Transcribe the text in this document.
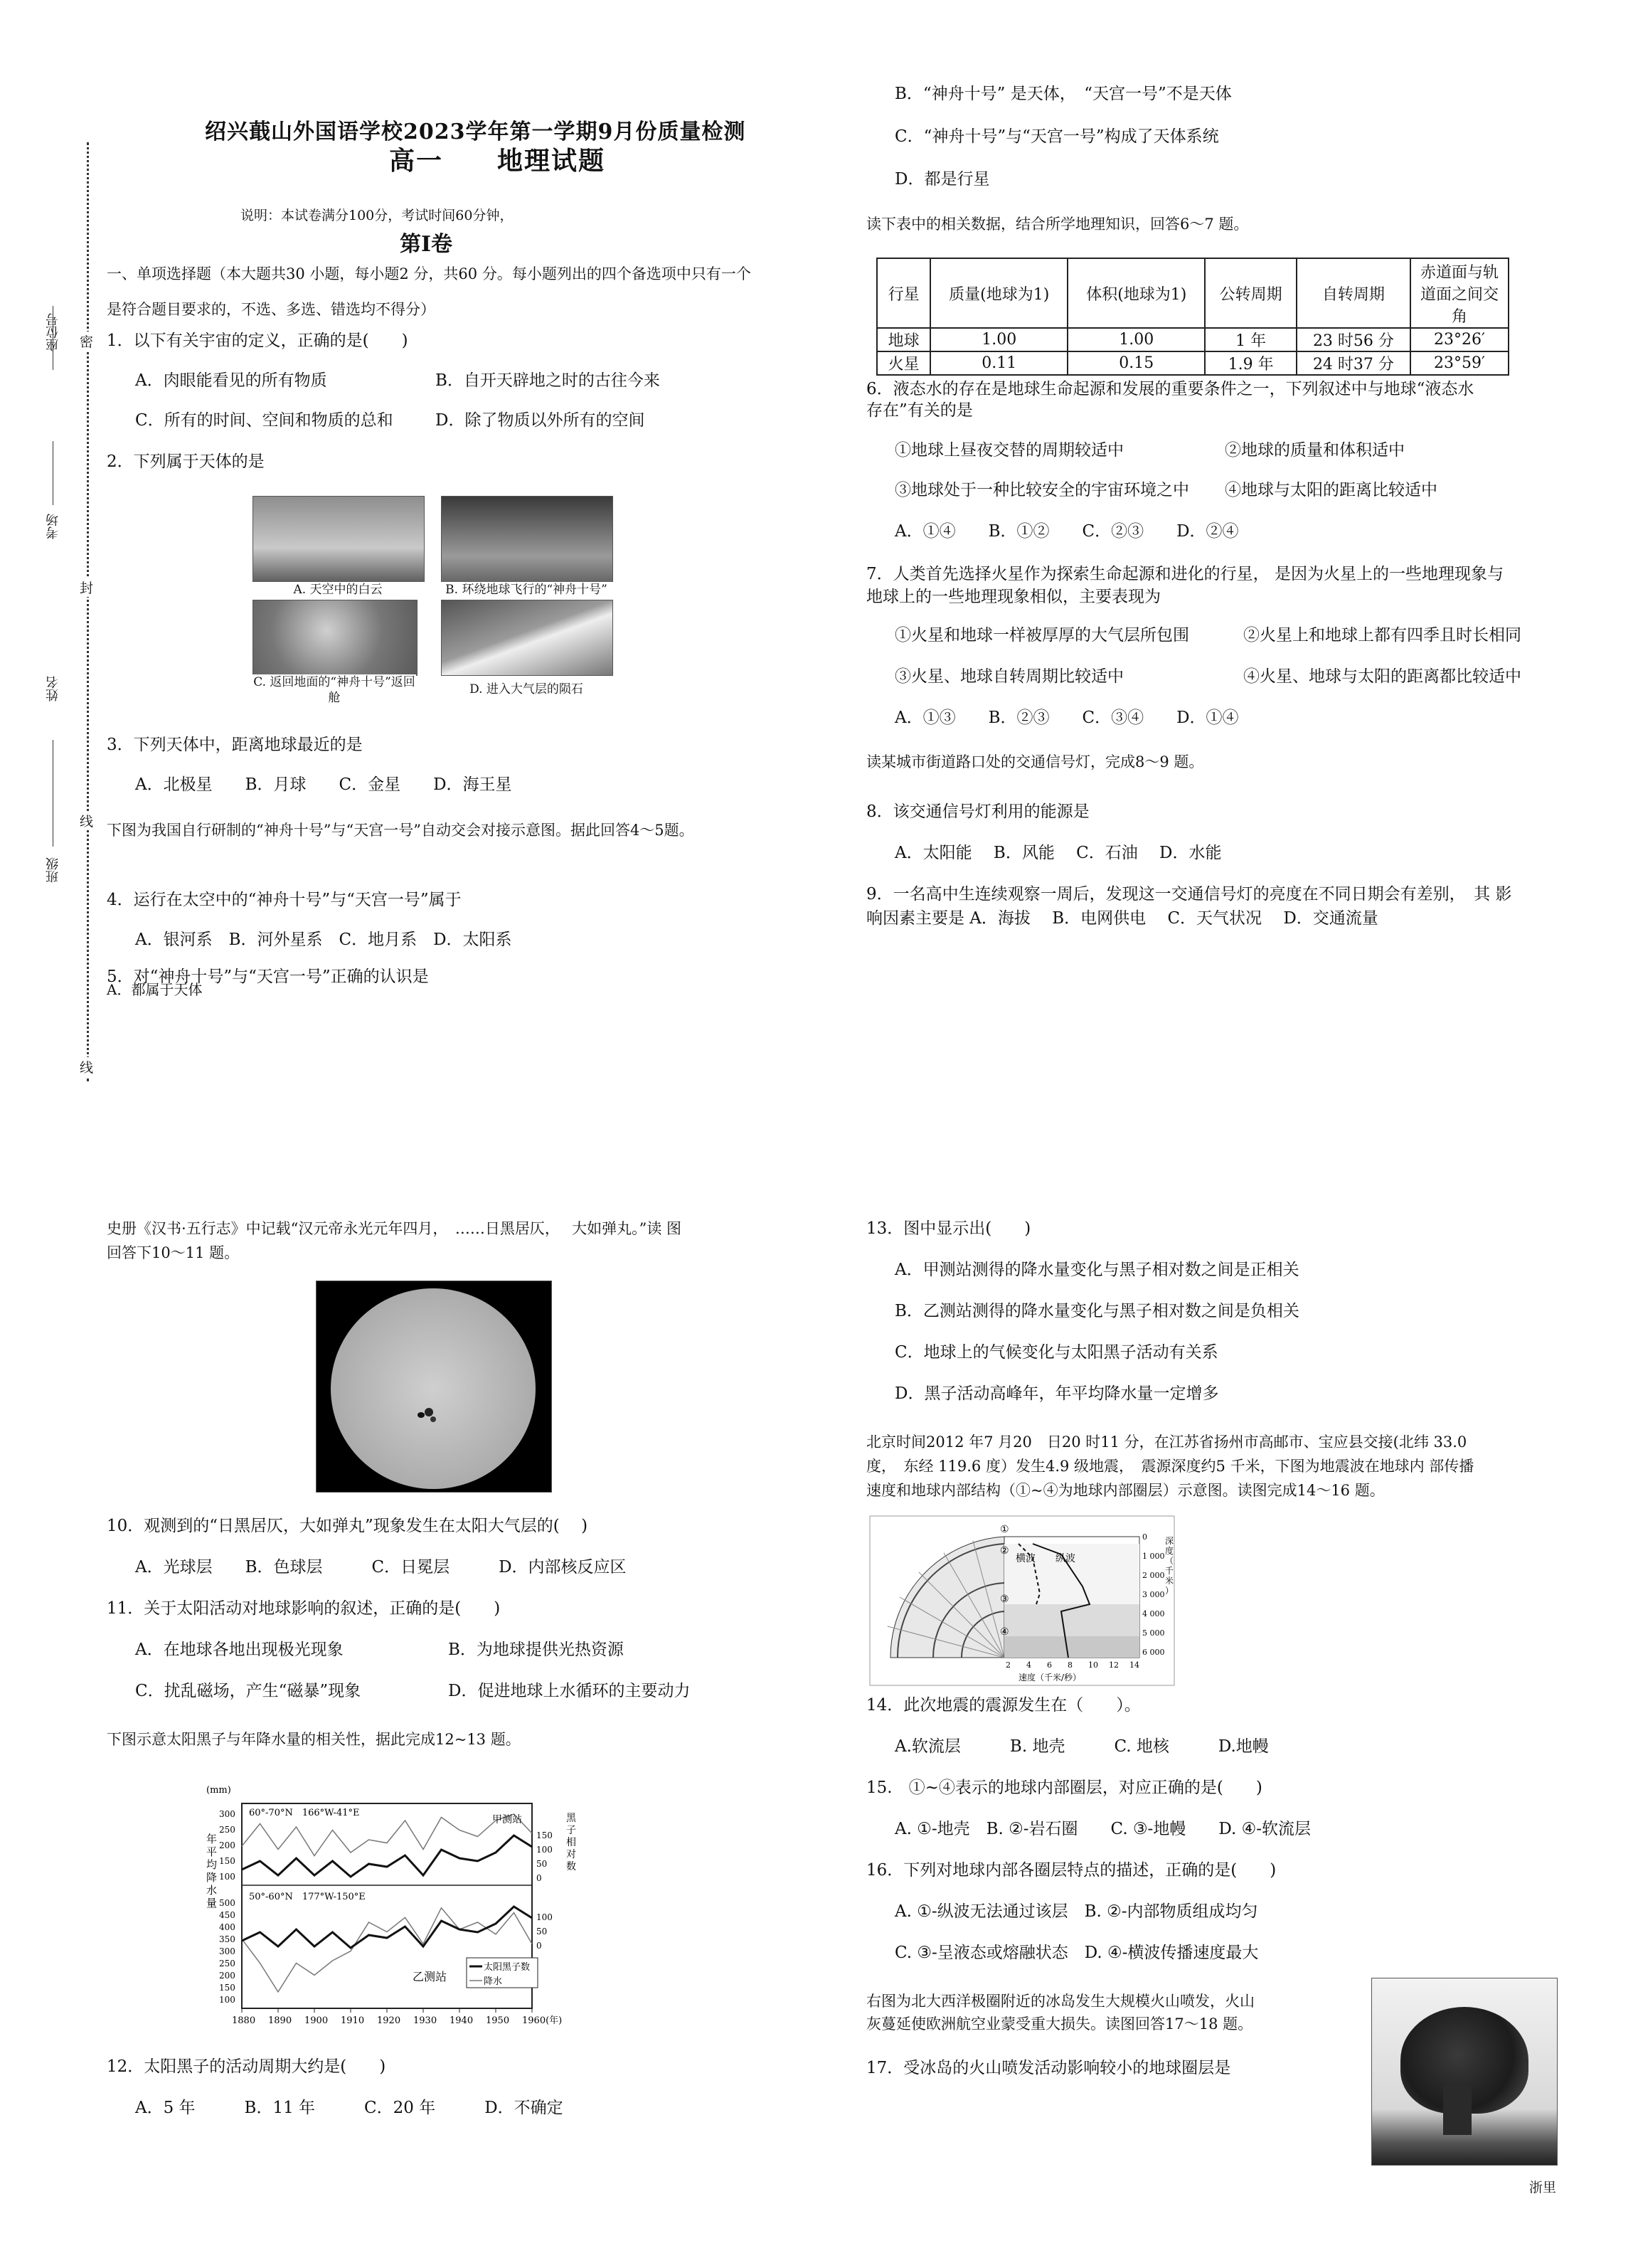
座位号
考场
姓名
班级
密
封
线
线
绍兴蕺山外国语学校2023学年第一学期9月份质量检测
高一　　地理试题
说明：本试卷满分100分，考试时间60分钟，
第Ⅰ卷
一、单项选择题（本大题共30 小题，每小题2 分，共60 分。每小题列出的四个备选项中只有一个
是符合题目要求的，不选、多选、错选均不得分）
1．以下有关宇宙的定义，正确的是(　　)
A．肉眼能看见的所有物质	B．自开天辟地之时的古往今来
C．所有的时间、空间和物质的总和	D．除了物质以外所有的空间
2．下列属于天体的是
A. 天空中的白云	B. 环绕地球飞行的“神舟十号”
C. 返回地面的“神舟十号”返回舱
D. 进入大气层的陨石
3．下列天体中，距离地球最近的是
A．北极星　　B．月球　　C．金星　　D．海王星
下图为我国自行研制的“神舟十号”与“天宫一号”自动交会对接示意图。据此回答4～5题。
4．运行在太空中的“神舟十号”与“天宫一号”属于
A．银河系　B．河外星系　C．地月系　D．太阳系
5．对“神舟十号”与“天宫一号”正确的认识是
A．都属于天体
B．“神舟十号” 是天体，　“天宫一号”不是天体
C．“神舟十号”与“天宫一号”构成了天体系统
D．都是行星
读下表中的相关数据，结合所学地理知识，回答6～7 题。
行星	质量(地球为1)	体积(地球为1)	公转周期	自转周期	赤道面与轨道面之间交角
地球	1.00	1.00	1 年	23 时56 分	23°26′
火星	0.11	0.15	1.9 年	24 时37 分	23°59′
6．液态水的存在是地球生命起源和发展的重要条件之一，下列叙述中与地球“液态水
存在”有关的是
①地球上昼夜交替的周期较适中	②地球的质量和体积适中
③地球处于一种比较安全的宇宙环境之中 ④地球与太阳的距离比较适中
A．①④　　B．①②　　C．②③　　D．②④
7．人类首先选择火星作为探索生命起源和进化的行星， 是因为火星上的一些地理现象与
地球上的一些地理现象相似，主要表现为
①火星和地球一样被厚厚的大气层所包围	②火星上和地球上都有四季且时长相同
③火星、地球自转周期比较适中	④火星、地球与太阳的距离都比较适中
A．①③　　B．②③　　C．③④　　D．①④
读某城市街道路口处的交通信号灯，完成8～9 题。
8．该交通信号灯利用的能源是
A．太阳能　 B．风能　 C．石油　 D．水能
9．一名高中生连续观察一周后，发现这一交通信号灯的亮度在不同日期会有差别，　其 影
响因素主要是 A．海拔　 B．电网供电　 C．天气状况　 D．交通流量
史册《汉书·五行志》中记载“汉元帝永光元年四月，　……日黑居仄，　 大如弹丸。”读 图
回答下10～11 题。
10．观测到的“日黑居仄，大如弹丸”现象发生在太阳大气层的(　 )
A．光球层　　B．色球层　　　C．日冕层　　　D．内部核反应区
11．关于太阳活动对地球影响的叙述，正确的是(　　)
A．在地球各地出现极光现象	B．为地球提供光热资源
C．扰乱磁场，产生“磁暴”现象	D．促进地球上水循环的主要动力
下图示意太阳黑子与年降水量的相关性，据此完成12~13 题。
1880 1890 1900 1910 1920 1930 1940 1950 1960(年)
300
250
200
150
100
500
450
400
350
300
250
200
150
100
150
100
50
0
100
50
0
(mm)
60°-70°N　166°W-41°E
甲测站
50°-60°N　177°W-150°E
乙测站
太阳黑子数
降水
年平均降水量
黑子相对数
12．太阳黑子的活动周期大约是(　　)
A．5 年　　　B．11 年　　　C．20 年　　　D．不确定
13．图中显示出(　　)
A．甲测站测得的降水量变化与黑子相对数之间是正相关
B．乙测站测得的降水量变化与黑子相对数之间是负相关
C．地球上的气候变化与太阳黑子活动有关系
D．黑子活动高峰年，年平均降水量一定增多
北京时间2012 年7 月20　日20 时11 分，在江苏省扬州市高邮市、宝应县交接(北纬 33.0
度，　东经 119.6 度）发生4.9 级地震，　震源深度约5 千米，下图为地震波在地球内 部传播
速度和地球内部结构（①~④为地球内部圈层）示意图。读图完成14～16 题。
横波 纵波
0
1 000
2 000
3 000
4 000
5 000
6 000
2 4 6 8 10 12 14
①
②
③
④
速度（千米/秒）
深度（千米）
14．此次地震的震源发生在（　　）。
A.软流层　　　B. 地壳　　　C. 地核　　　D.地幔
15.　①~④表示的地球内部圈层，对应正确的是(　　)
A. ①-地壳　B. ②-岩石圈　　C. ③-地幔　　D. ④-软流层
16．下列对地球内部各圈层特点的描述，正确的是(　　)
A. ①-纵波无法通过该层　B. ②-内部物质组成均匀
C. ③-呈液态或熔融状态　D. ④-横波传播速度最大
右图为北大西洋极圈附近的冰岛发生大规模火山喷发，火山
灰蔓延使欧洲航空业蒙受重大损失。读图回答17～18 题。
17．受冰岛的火山喷发活动影响较小的地球圈层是
浙里
